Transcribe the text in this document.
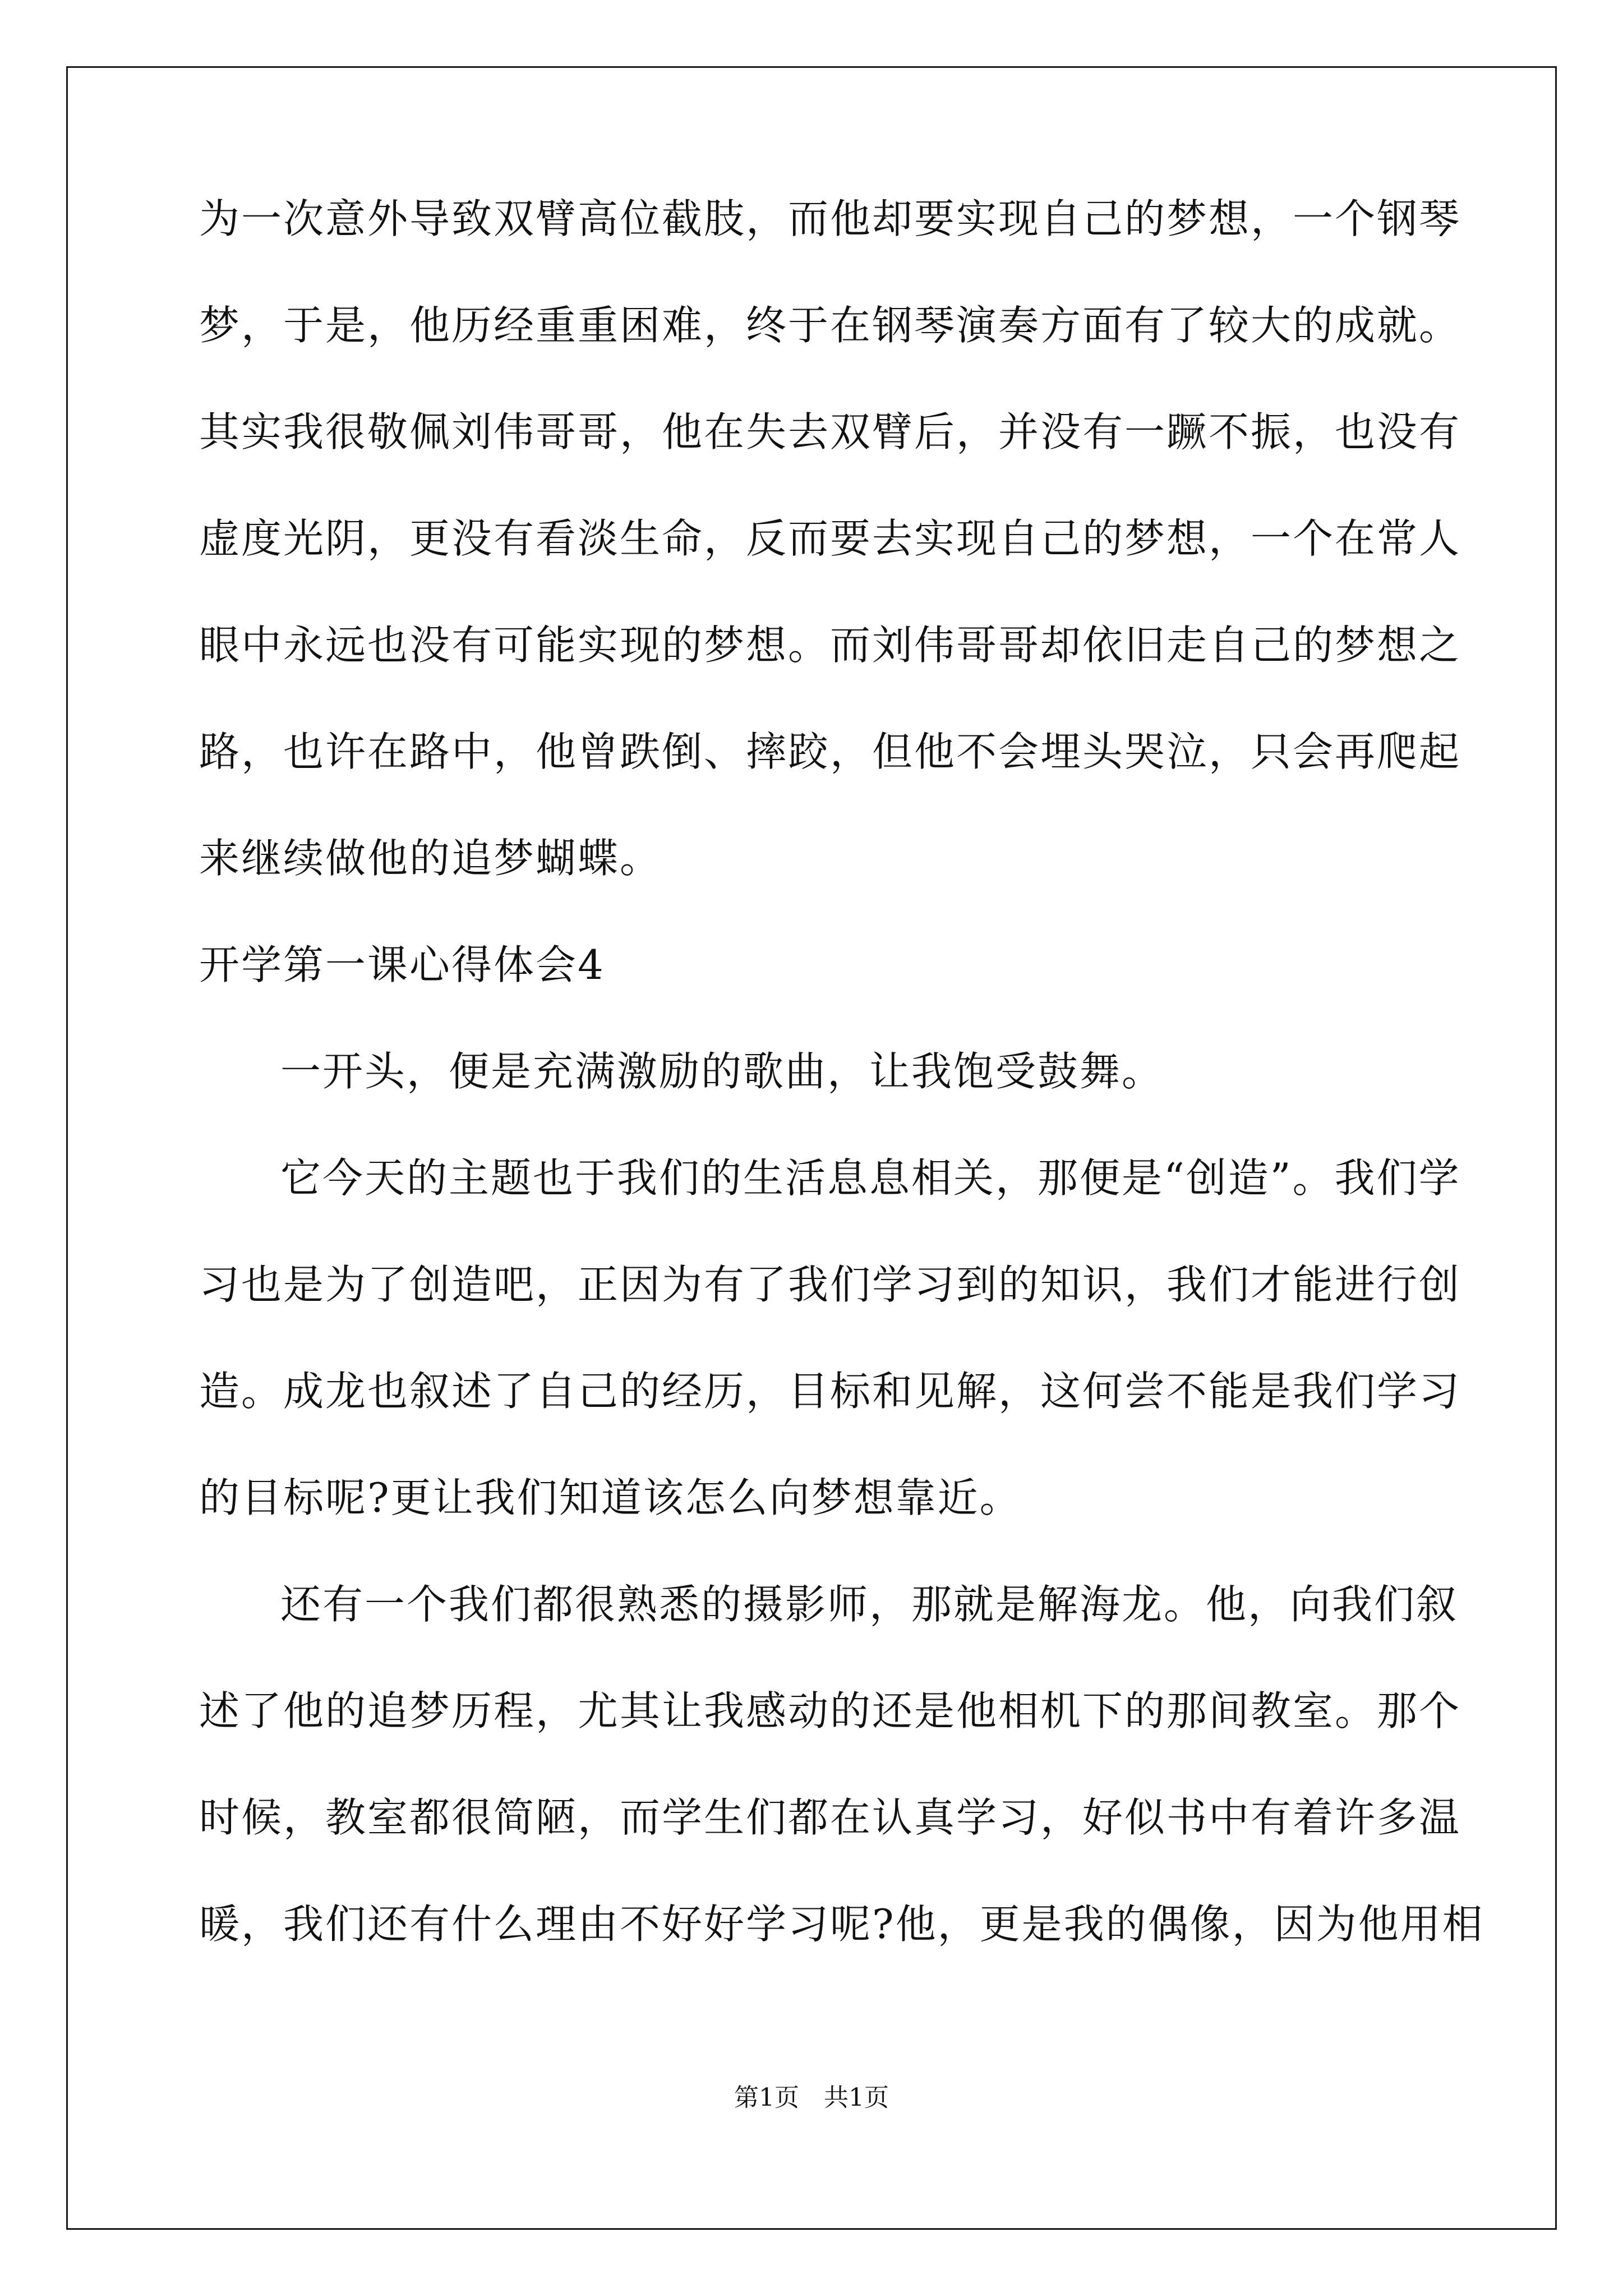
为一次意外导致双臂高位截肢，而他却要实现自己的梦想，一个钢琴
梦，于是，他历经重重困难，终于在钢琴演奏方面有了较大的成就。
其实我很敬佩刘伟哥哥，他在失去双臂后，并没有一蹶不振，也没有
虚度光阴，更没有看淡生命，反而要去实现自己的梦想，一个在常人
眼中永远也没有可能实现的梦想。而刘伟哥哥却依旧走自己的梦想之
路，也许在路中，他曾跌倒、摔跤，但他不会埋头哭泣，只会再爬起
来继续做他的追梦蝴蝶。
开学第一课心得体会4
一开头，便是充满激励的歌曲，让我饱受鼓舞。
它今天的主题也于我们的生活息息相关，那便是“创造”。我们学
习也是为了创造吧，正因为有了我们学习到的知识，我们才能进行创
造。成龙也叙述了自己的经历，目标和见解，这何尝不能是我们学习
的目标呢?更让我们知道该怎么向梦想靠近。
还有一个我们都很熟悉的摄影师，那就是解海龙。他，向我们叙
述了他的追梦历程，尤其让我感动的还是他相机下的那间教室。那个
时候，教室都很简陋，而学生们都在认真学习，好似书中有着许多温
暖，我们还有什么理由不好好学习呢?他，更是我的偶像，因为他用相
第1页　共1页
